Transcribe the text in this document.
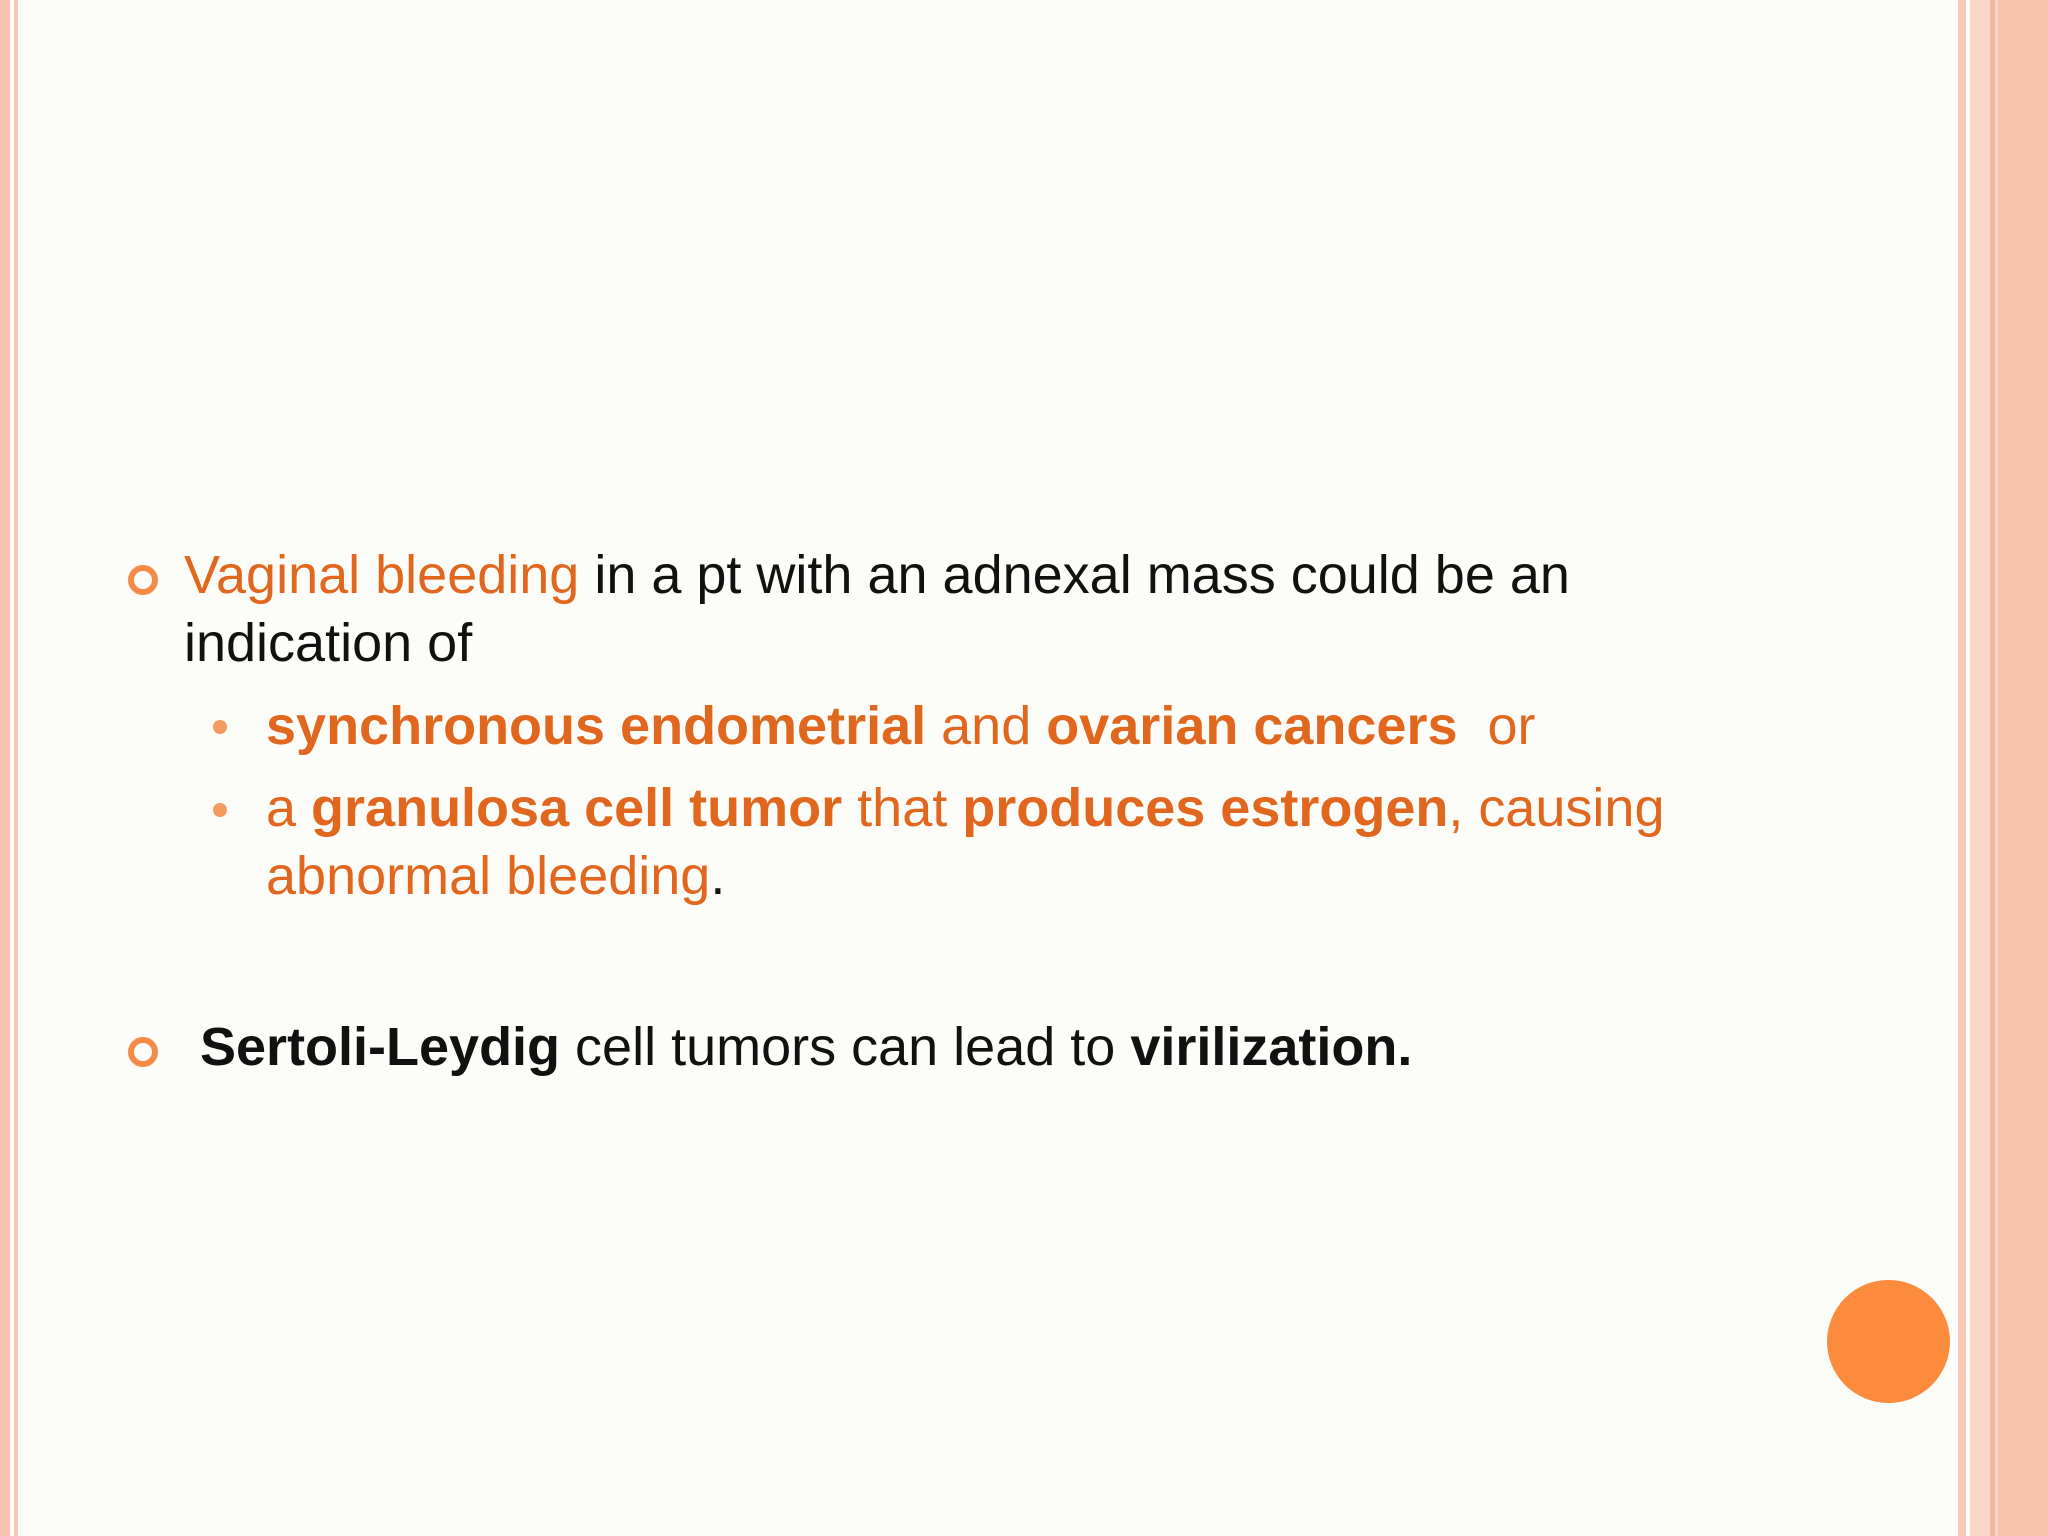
Vaginal bleeding in a pt with an adnexal mass could be an
indication of
synchronous endometrial and ovarian cancers  or
a granulosa cell tumor that produces estrogen, causing
abnormal bleeding.
Sertoli-Leydig cell tumors can lead to virilization.
